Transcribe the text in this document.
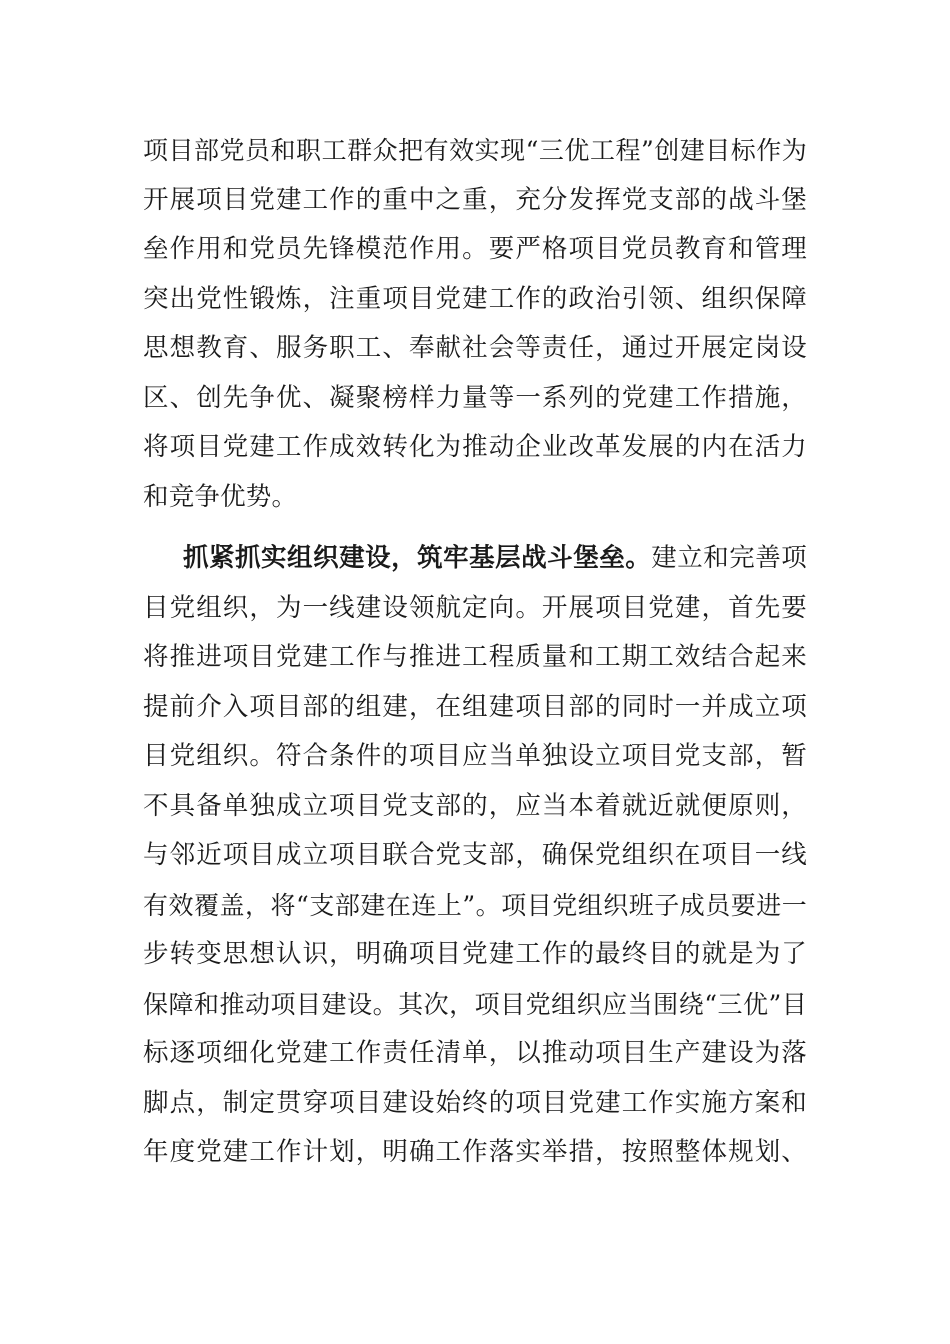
项目部党员和职工群众把有效实现“三优工程”创建目标作为
开展项目党建工作的重中之重，充分发挥党支部的战斗堡
垒作用和党员先锋模范作用。要严格项目党员教育和管理
突出党性锻炼，注重项目党建工作的政治引领、组织保障
思想教育、服务职工、奉献社会等责任，通过开展定岗设
区、创先争优、凝聚榜样力量等一系列的党建工作措施，
将项目党建工作成效转化为推动企业改革发展的内在活力
和竞争优势。
抓紧抓实组织建设，筑牢基层战斗堡垒。建立和完善项
目党组织，为一线建设领航定向。开展项目党建，首先要
将推进项目党建工作与推进工程质量和工期工效结合起来
提前介入项目部的组建，在组建项目部的同时一并成立项
目党组织。符合条件的项目应当单独设立项目党支部，暂
不具备单独成立项目党支部的，应当本着就近就便原则，
与邻近项目成立项目联合党支部，确保党组织在项目一线
有效覆盖，将“支部建在连上”。项目党组织班子成员要进一
步转变思想认识，明确项目党建工作的最终目的就是为了
保障和推动项目建设。其次，项目党组织应当围绕“三优”目
标逐项细化党建工作责任清单，以推动项目生产建设为落
脚点，制定贯穿项目建设始终的项目党建工作实施方案和
年度党建工作计划，明确工作落实举措，按照整体规划、
